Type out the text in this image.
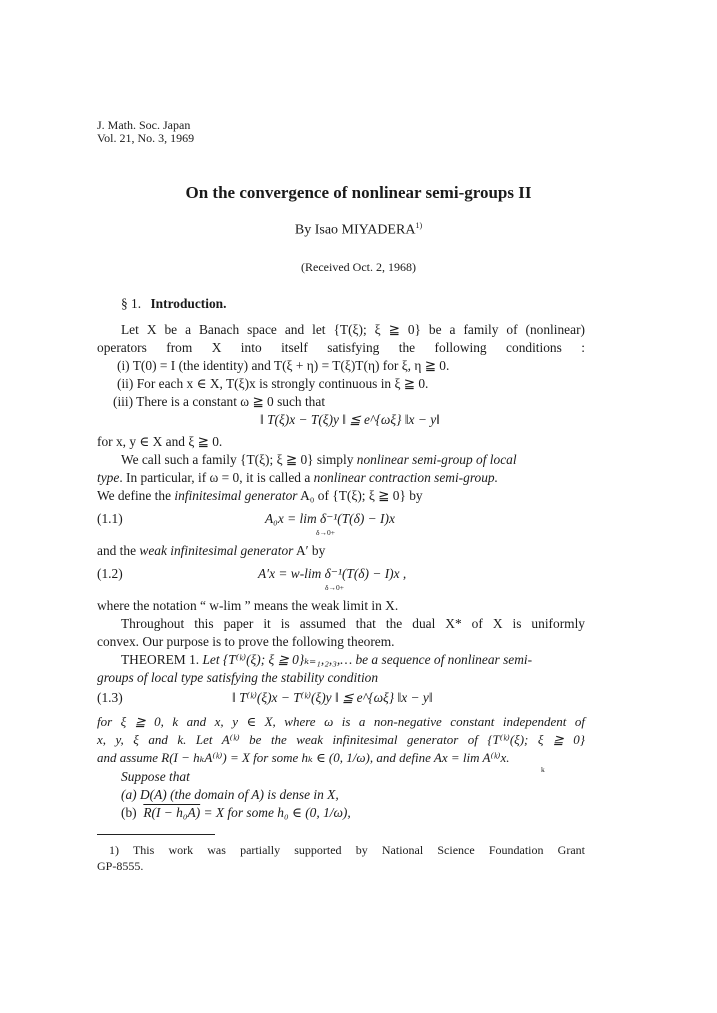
J. Math. Soc. Japan
Vol. 21, No. 3, 1969
On the convergence of nonlinear semi-groups II
By Isao MIYADERA$^{1)}$
(Received Oct. 2, 1968)
§ 1. Introduction.
Let X be a Banach space and let {T(ξ); ξ ≧ 0} be a family of (nonlinear)
operators from X into itself satisfying the following conditions :
(i) T(0) = I (the identity) and T(ξ + η) = T(ξ)T(η) for ξ, η ≧ 0.
(ii) For each x ∈ X, T(ξ)x is strongly continuous in ξ ≧ 0.
(iii) There is a constant ω ≧ 0 such that
‖ T(ξ)x − T(ξ)y ‖ ≦ e^{ωξ} ‖x − y‖
for x, y ∈ X and ξ ≧ 0.
We call such a family {T(ξ); ξ ≧ 0} simply nonlinear semi-group of local
type. In particular, if ω = 0, it is called a nonlinear contraction semi-group.
We define the infinitesimal generator A₀ of {T(ξ); ξ ≧ 0} by
(1.1)	A₀x = lim δ⁻¹(T(δ) − I)x
δ→0+
and the weak infinitesimal generator A′ by
(1.2)	A′x = w-lim δ⁻¹(T(δ) − I)x ,
δ→0+
where the notation “ w-lim ” means the weak limit in X.
Throughout this paper it is assumed that the dual X* of X is uniformly
convex. Our purpose is to prove the following theorem.
THEOREM 1. Let {T⁽ᵏ⁾(ξ); ξ ≧ 0}ₖ₌₁,₂,₃,… be a sequence of nonlinear semi-
groups of local type satisfying the stability condition
(1.3)	‖ T⁽ᵏ⁾(ξ)x − T⁽ᵏ⁾(ξ)y ‖ ≦ e^{ωξ} ‖x − y‖
for ξ ≧ 0, k and x, y ∈ X, where ω is a non-negative constant independent of
x, y, ξ and k. Let A⁽ᵏ⁾ be the weak infinitesimal generator of {T⁽ᵏ⁾(ξ); ξ ≧ 0}
and assume R(I − hₖA⁽ᵏ⁾) = X for some hₖ ∈ (0, 1/ω), and define Ax = lim A⁽ᵏ⁾x.
k
Suppose that
(a) D(A) (the domain of A) is dense in X,
(b) R(I − h₀A) = X for some h₀ ∈ (0, 1/ω),
1) This work was partially supported by National Science Foundation Grant
GP-8555.
